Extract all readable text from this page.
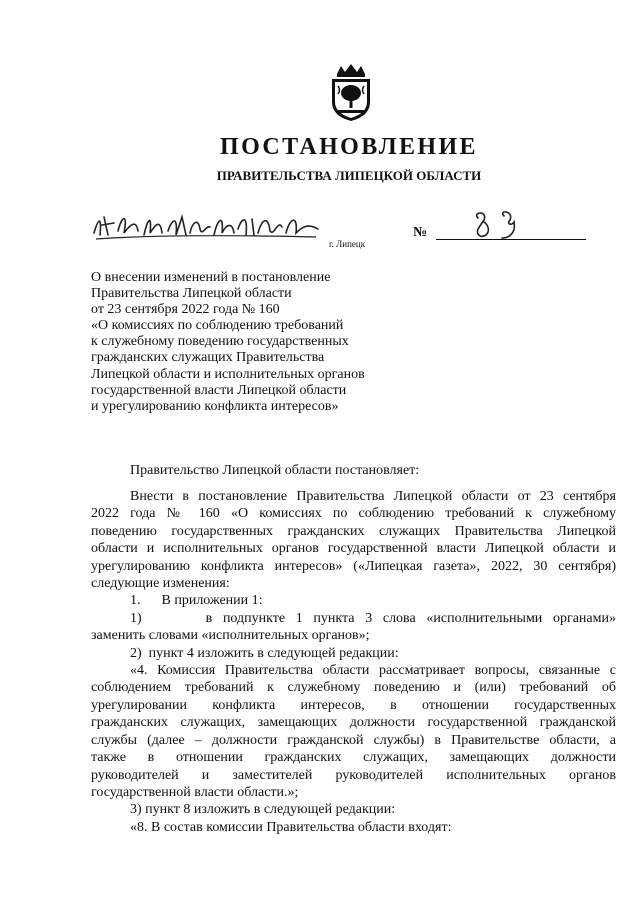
ПОСТАНОВЛЕНИЕ
ПРАВИТЕЛЬСТВА ЛИПЕЦКОЙ ОБЛАСТИ
г. Липецк
№
О внесении изменений в постановление
Правительства Липецкой области
от 23 сентября 2022 года № 160
«О комиссиях по соблюдению требований
к служебному поведению государственных
гражданских служащих Правительства
Липецкой области и исполнительных органов
государственной власти Липецкой области
и урегулированию конфликта интересов»
Правительство Липецкой области постановляет:
Внести в постановление Правительства Липецкой области от 23 сентября
2022 года № 160 «О комиссиях по соблюдению требований к служебному
поведению государственных гражданских служащих Правительства Липецкой
области и исполнительных органов государственной власти Липецкой области и
урегулированию конфликта интересов» («Липецкая газета», 2022, 30 сентября)
следующие изменения:
1.      В приложении 1:
1)      в подпункте 1 пункта 3 слова «исполнительными органами»
заменить словами «исполнительных органов»;
2)  пункт 4 изложить в следующей редакции:
«4. Комиссия Правительства области рассматривает вопросы, связанные с
соблюдением требований к служебному поведению и (или) требований об
урегулировании конфликта интересов, в отношении государственных
гражданских служащих, замещающих должности государственной гражданской
службы (далее – должности гражданской службы) в Правительстве области, а
также в отношении гражданских служащих, замещающих должности
руководителей и заместителей руководителей исполнительных органов
государственной власти области.»;
3) пункт 8 изложить в следующей редакции:
«8. В состав комиссии Правительства области входят:
